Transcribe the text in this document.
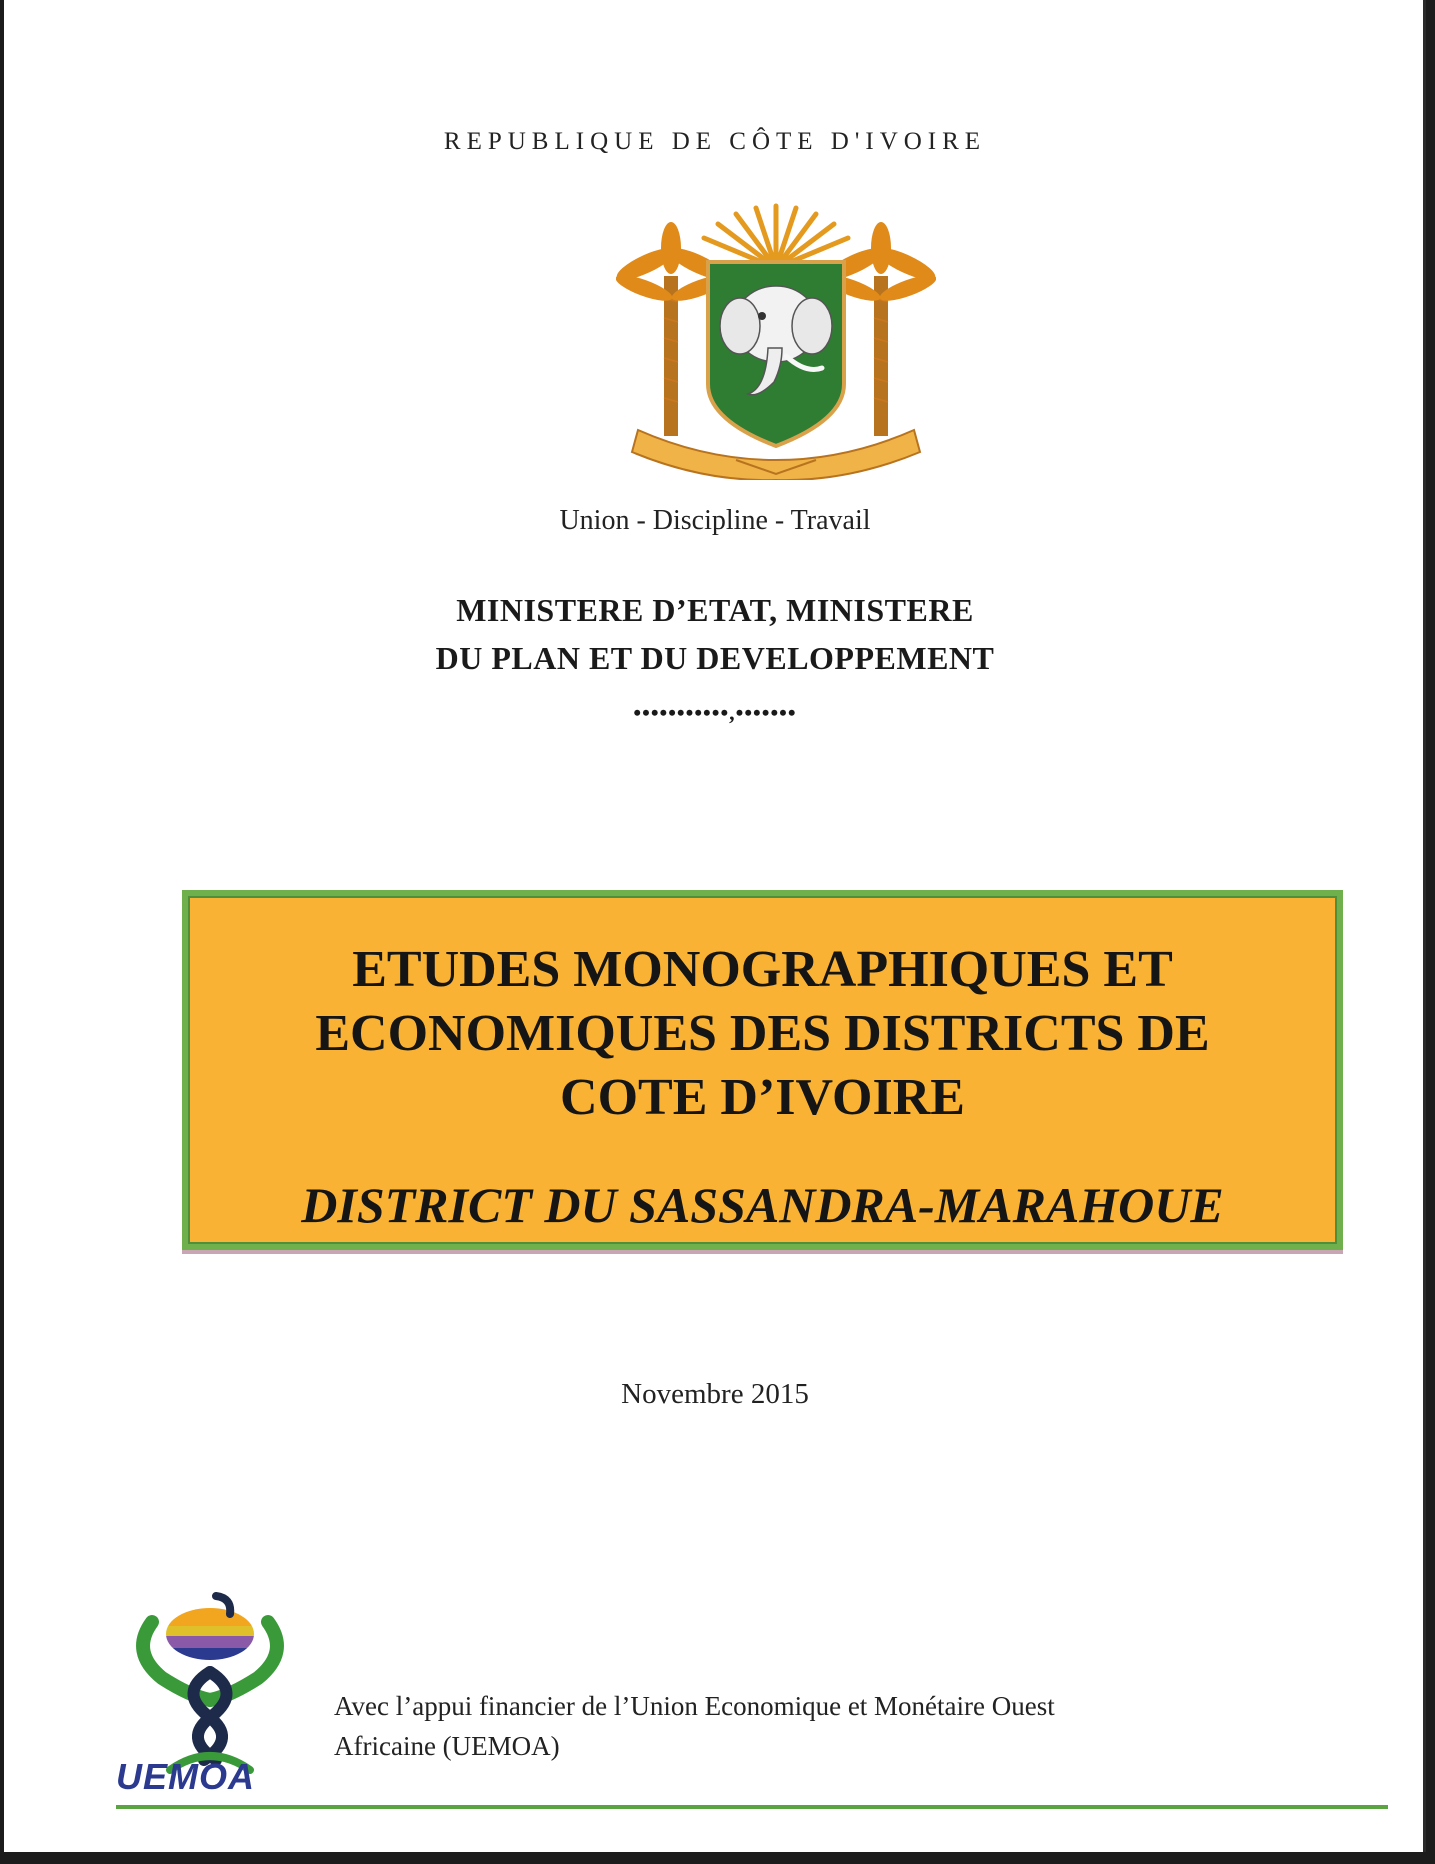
REPUBLIQUE DE CÔTE D'IVOIRE
Union - Discipline - Travail
MINISTERE D’ETAT, MINISTERE
DU PLAN ET DU DEVELOPPEMENT
•••••••••••,•••••••
ETUDES MONOGRAPHIQUES ET
ECONOMIQUES DES DISTRICTS DE
COTE D’IVOIRE
DISTRICT DU SASSANDRA-MARAHOUE
Novembre 2015
UEMOA
Avec l’appui financier de l’Union Economique et Monétaire Ouest
Africaine (UEMOA)
